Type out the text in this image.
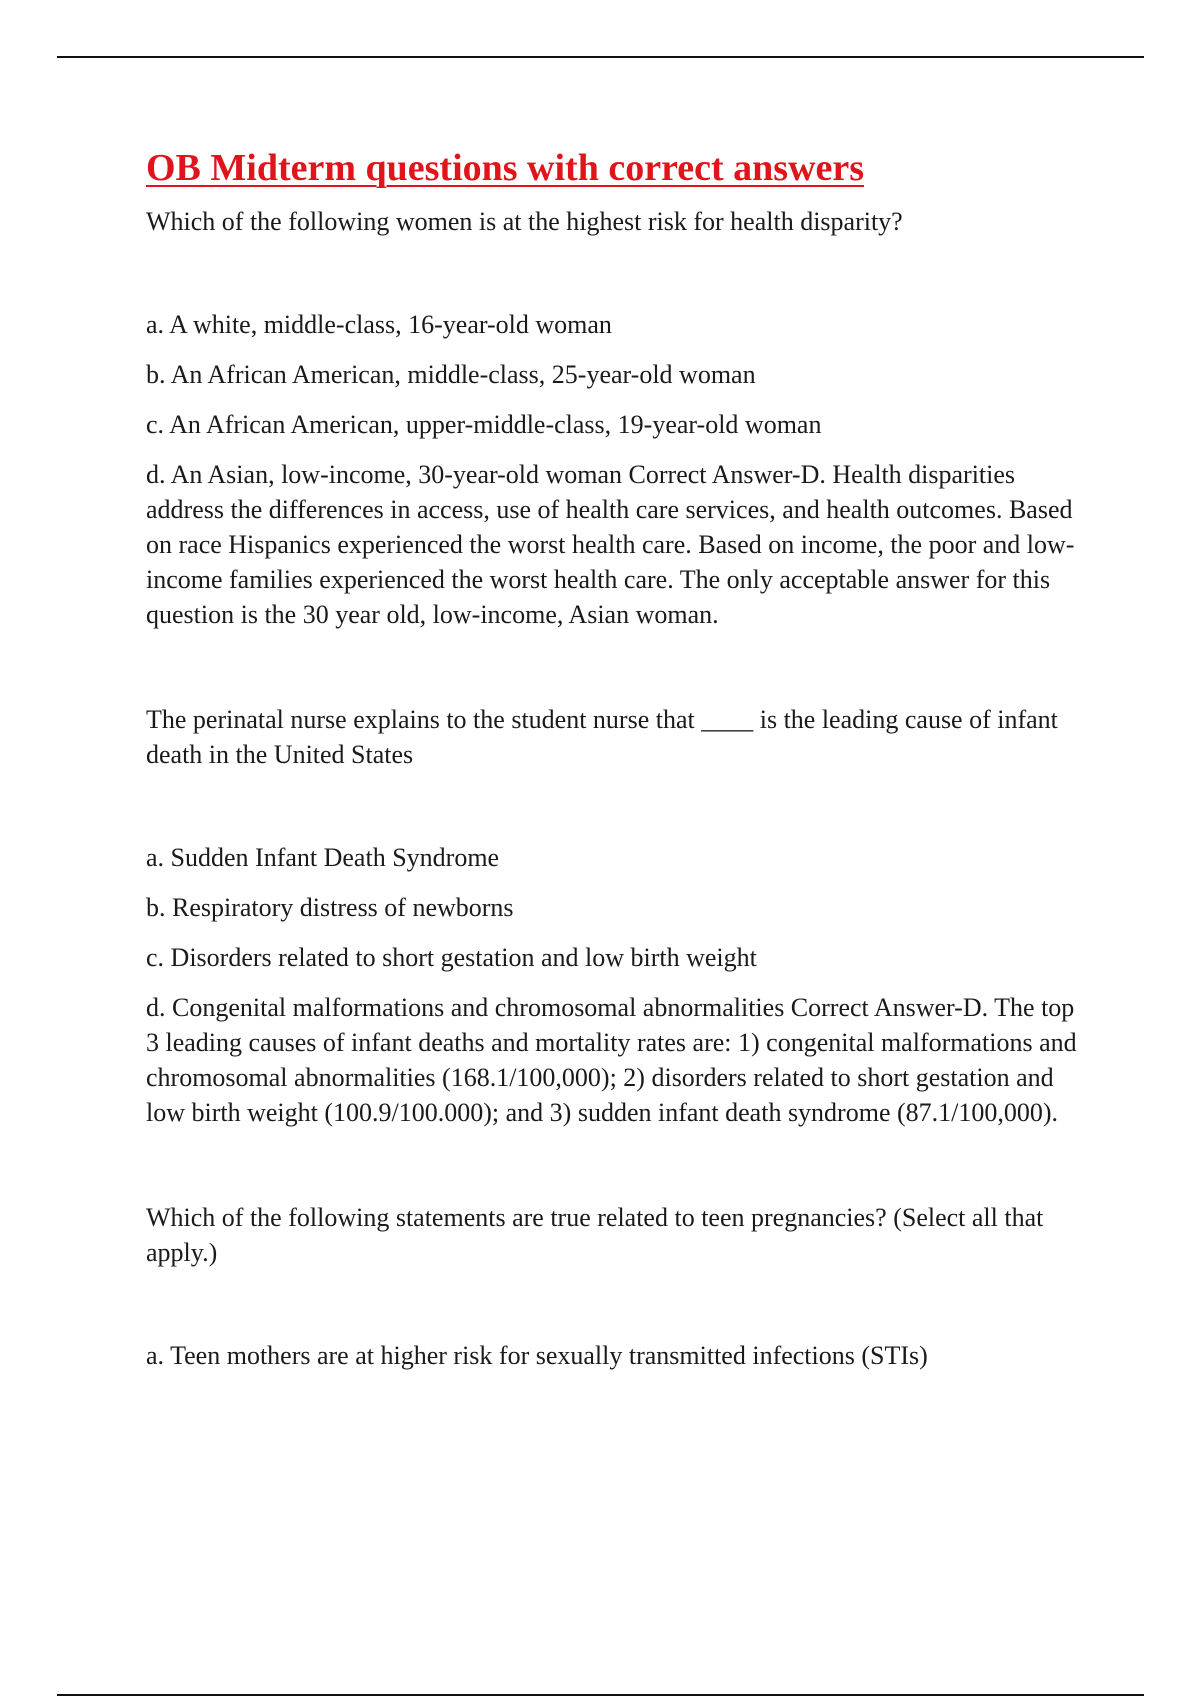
OB Midterm questions with correct answers

Which of the following women is at the highest risk for health disparity?

a. A white, middle-class, 16-year-old woman

b. An African American, middle-class, 25-year-old woman

c. An African American, upper-middle-class, 19-year-old woman

d. An Asian, low-income, 30-year-old woman Correct Answer-D. Health disparities address the differences in access, use of health care services, and health outcomes. Based on race Hispanics experienced the worst health care. Based on income, the poor and low-income families experienced the worst health care. The only acceptable answer for this question is the 30 year old, low-income, Asian woman.

The perinatal nurse explains to the student nurse that ____ is the leading cause of infant death in the United States

a. Sudden Infant Death Syndrome

b. Respiratory distress of newborns

c. Disorders related to short gestation and low birth weight

d. Congenital malformations and chromosomal abnormalities Correct Answer-D. The top 3 leading causes of infant deaths and mortality rates are: 1) congenital malformations and chromosomal abnormalities (168.1/100,000); 2) disorders related to short gestation and low birth weight (100.9/100.000); and 3) sudden infant death syndrome (87.1/100,000).

Which of the following statements are true related to teen pregnancies? (Select all that apply.)

a. Teen mothers are at higher risk for sexually transmitted infections (STIs)
